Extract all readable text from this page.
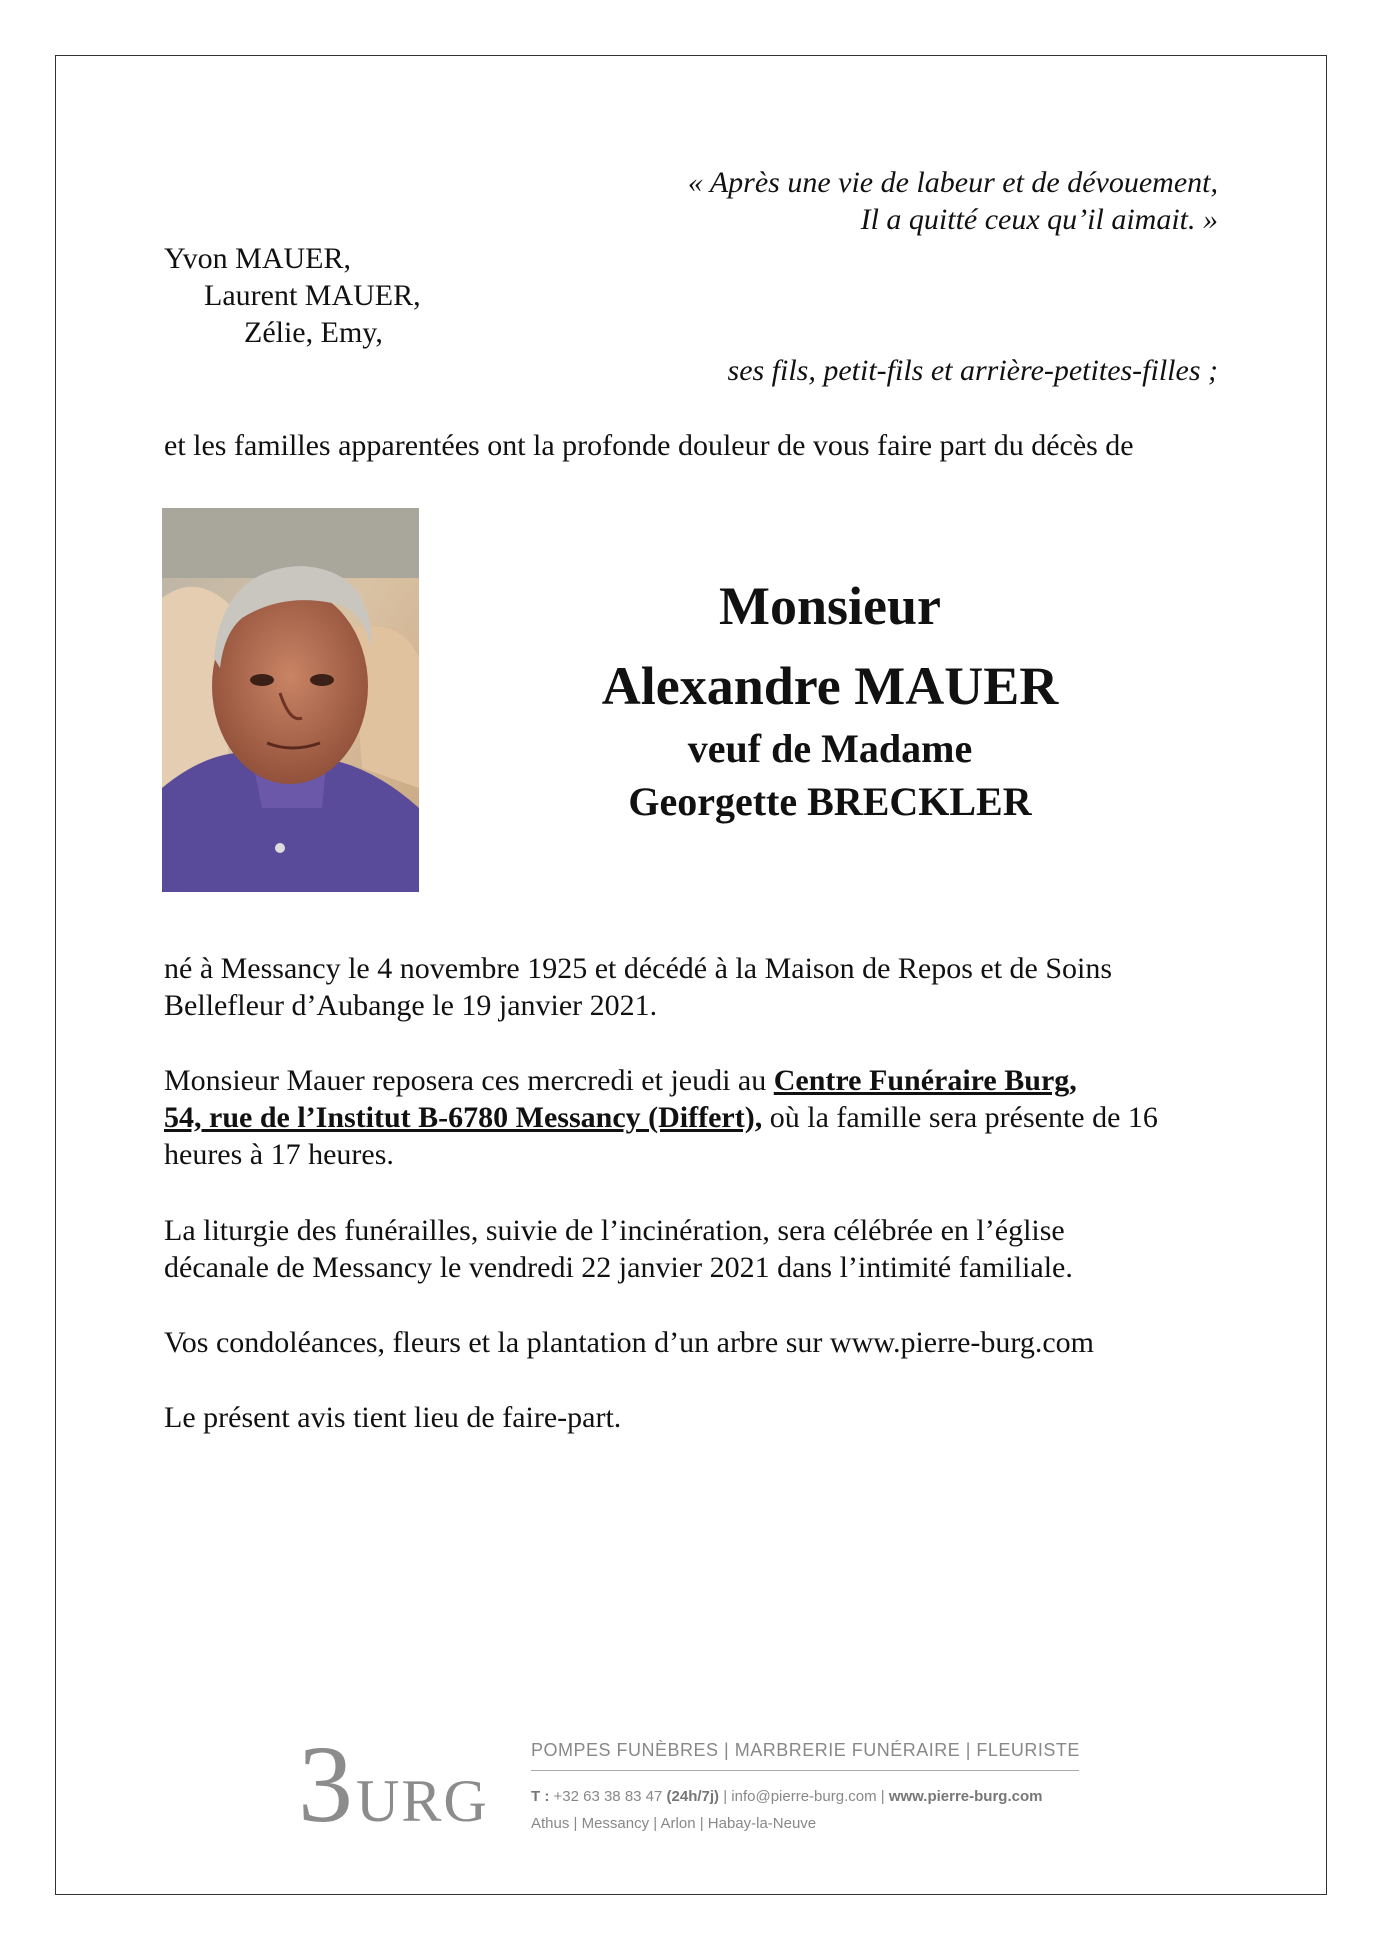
« Après une vie de labeur et de dévouement,
Il a quitté ceux qu’il aimait. »
Yvon MAUER,
Laurent MAUER,
Zélie, Emy,
ses fils, petit-fils et arrière-petites-filles ;
et les familles apparentées ont la profonde douleur de vous faire part du décès de
Monsieur
Alexandre MAUER
veuf de Madame
Georgette BRECKLER
né à Messancy le 4 novembre 1925 et décédé à la Maison de Repos et de Soins Bellefleur d’Aubange le 19 janvier 2021.
Monsieur Mauer reposera ces mercredi et jeudi au Centre Funéraire Burg,
54, rue de l’Institut B-6780 Messancy (Differt), où la famille sera présente de 16 heures à 17 heures.
La liturgie des funérailles, suivie de l’incinération, sera célébrée en l’église décanale de Messancy le vendredi 22 janvier 2021 dans l’intimité familiale.
Vos condoléances, fleurs et la plantation d’un arbre sur www.pierre-burg.com
Le présent avis tient lieu de faire-part.
3 URG
POMPES FUNÈBRES | MARBRERIE FUNÉRAIRE | FLEURISTE
T : +32 63 38 83 47 (24h/7j) | info@pierre-burg.com | www.pierre-burg.com
Athus | Messancy | Arlon | Habay-la-Neuve
